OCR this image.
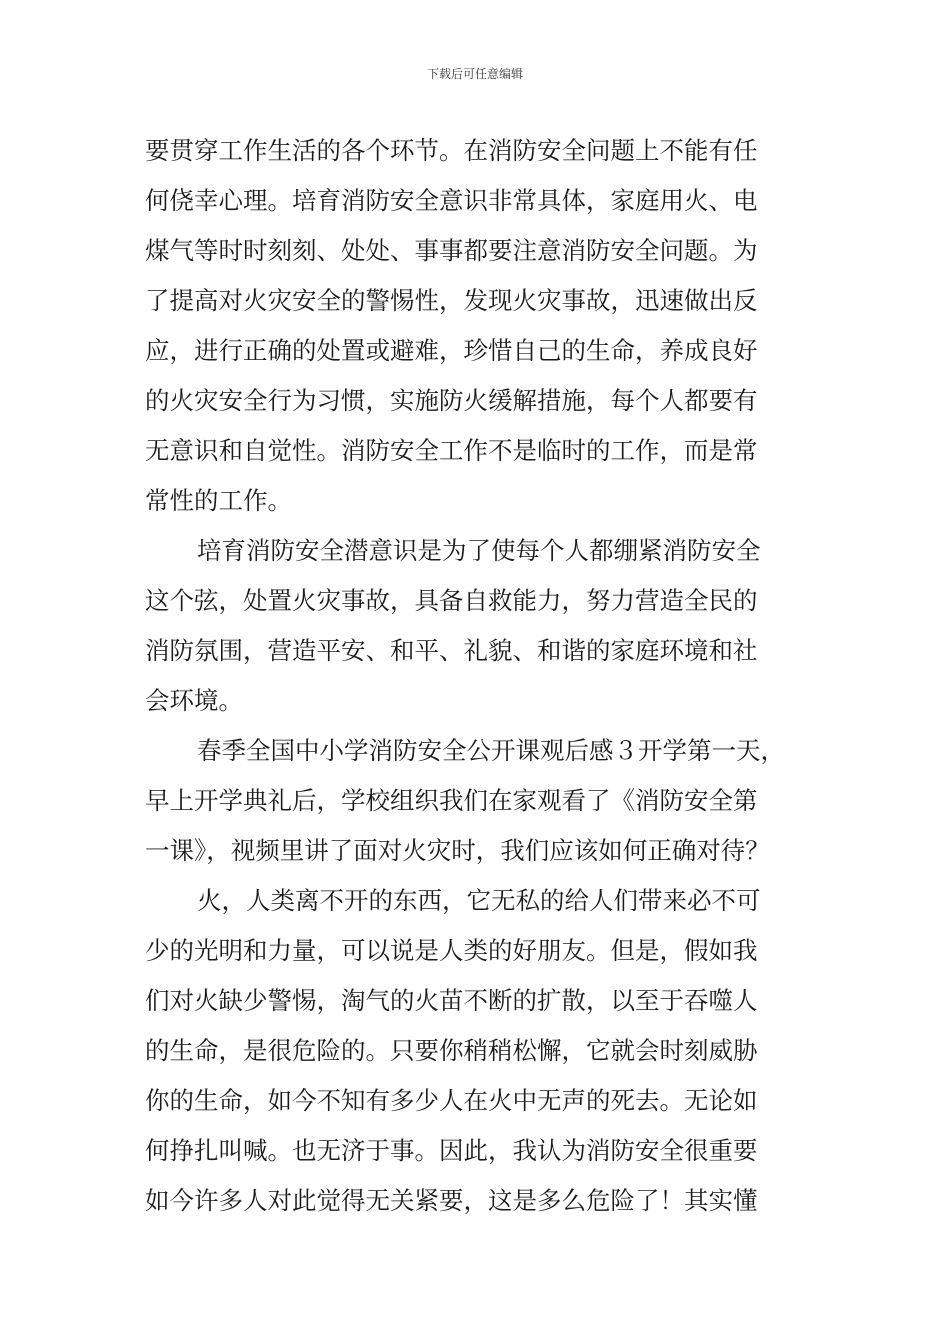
下载后可任意编辑
要贯穿工作生活的各个环节。在消防安全问题上不能有任
何侥幸心理。培育消防安全意识非常具体，家庭用火、电
煤气等时时刻刻、处处、事事都要注意消防安全问题。为
了提高对火灾安全的警惕性，发现火灾事故，迅速做出反
应，进行正确的处置或避难，珍惜自己的生命，养成良好
的火灾安全行为习惯，实施防火缓解措施，每个人都要有
无意识和自觉性。消防安全工作不是临时的工作，而是常
常性的工作。
培育消防安全潜意识是为了使每个人都绷紧消防安全
这个弦，处置火灾事故，具备自救能力，努力营造全民的
消防氛围，营造平安、和平、礼貌、和谐的家庭环境和社
会环境。
春季全国中小学消防安全公开课观后感３开学第一天，
早上开学典礼后，学校组织我们在家观看了《消防安全第
一课》，视频里讲了面对火灾时，我们应该如何正确对待？
火，人类离不开的东西，它无私的给人们带来必不可
少的光明和力量，可以说是人类的好朋友。但是，假如我
们对火缺少警惕，淘气的火苗不断的扩散，以至于吞噬人
的生命，是很危险的。只要你稍稍松懈，它就会时刻威胁
你的生命，如今不知有多少人在火中无声的死去。无论如
何挣扎叫喊。也无济于事。因此，我认为消防安全很重要
如今许多人对此觉得无关紧要，这是多么危险了！其实懂
